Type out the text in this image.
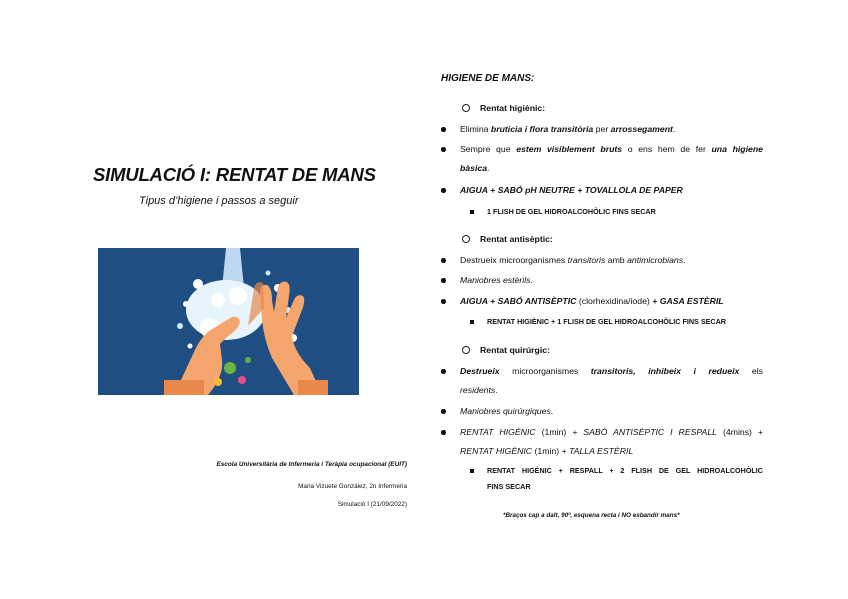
SIMULACIÓ I: RENTAT DE MANS
Tipus d’higiene i passos a seguir
Escola Universitària de Infermeria i Teràpia ocupacional (EUIT)
Maria Vizuete González, 2n Infermeria
Simulació I (21/09/2022)
HIGIENE DE MANS:
Rentat higiènic:
Elimina bruticia i flora transitòria per arrossegament.
Sempre que estem visiblement bruts o ens hem de fer una higiene
bàsica.
AIGUA + SABÓ pH NEUTRE + TOVALLOLA DE PAPER
1 FLISH DE GEL HIDROALCOHÒLIC FINS SECAR
Rentat antisèptic:
Destrueix microorganismes transitoris amb antimicrobians.
Maniobres estèrils.
AIGUA + SABÓ ANTISÈPTIC (clorhexidina/iode) + GASA ESTÈRIL
RENTAT HIGIÈNIC + 1 FLISH DE GEL HIDROALCOHÒLIC FINS SECAR
Rentat quirúrgic:
Destrueix microorganismes transitoris, inhibeix i redueix els
residents.
Maniobres quirúrgiques.
RENTAT HIGÈNIC (1min) + SABÓ ANTISÈPTIC I RESPALL (4mins) +
RENTAT HIGÈNIC (1min) + TALLA ESTÈRIL
RENTAT HIGÉNIC + RESPALL + 2 FLISH DE GEL HIDROALCOHÒLIC
FINS SECAR
*Braços cap a dalt, 90º, esquena recta i NO esbandir mans*
